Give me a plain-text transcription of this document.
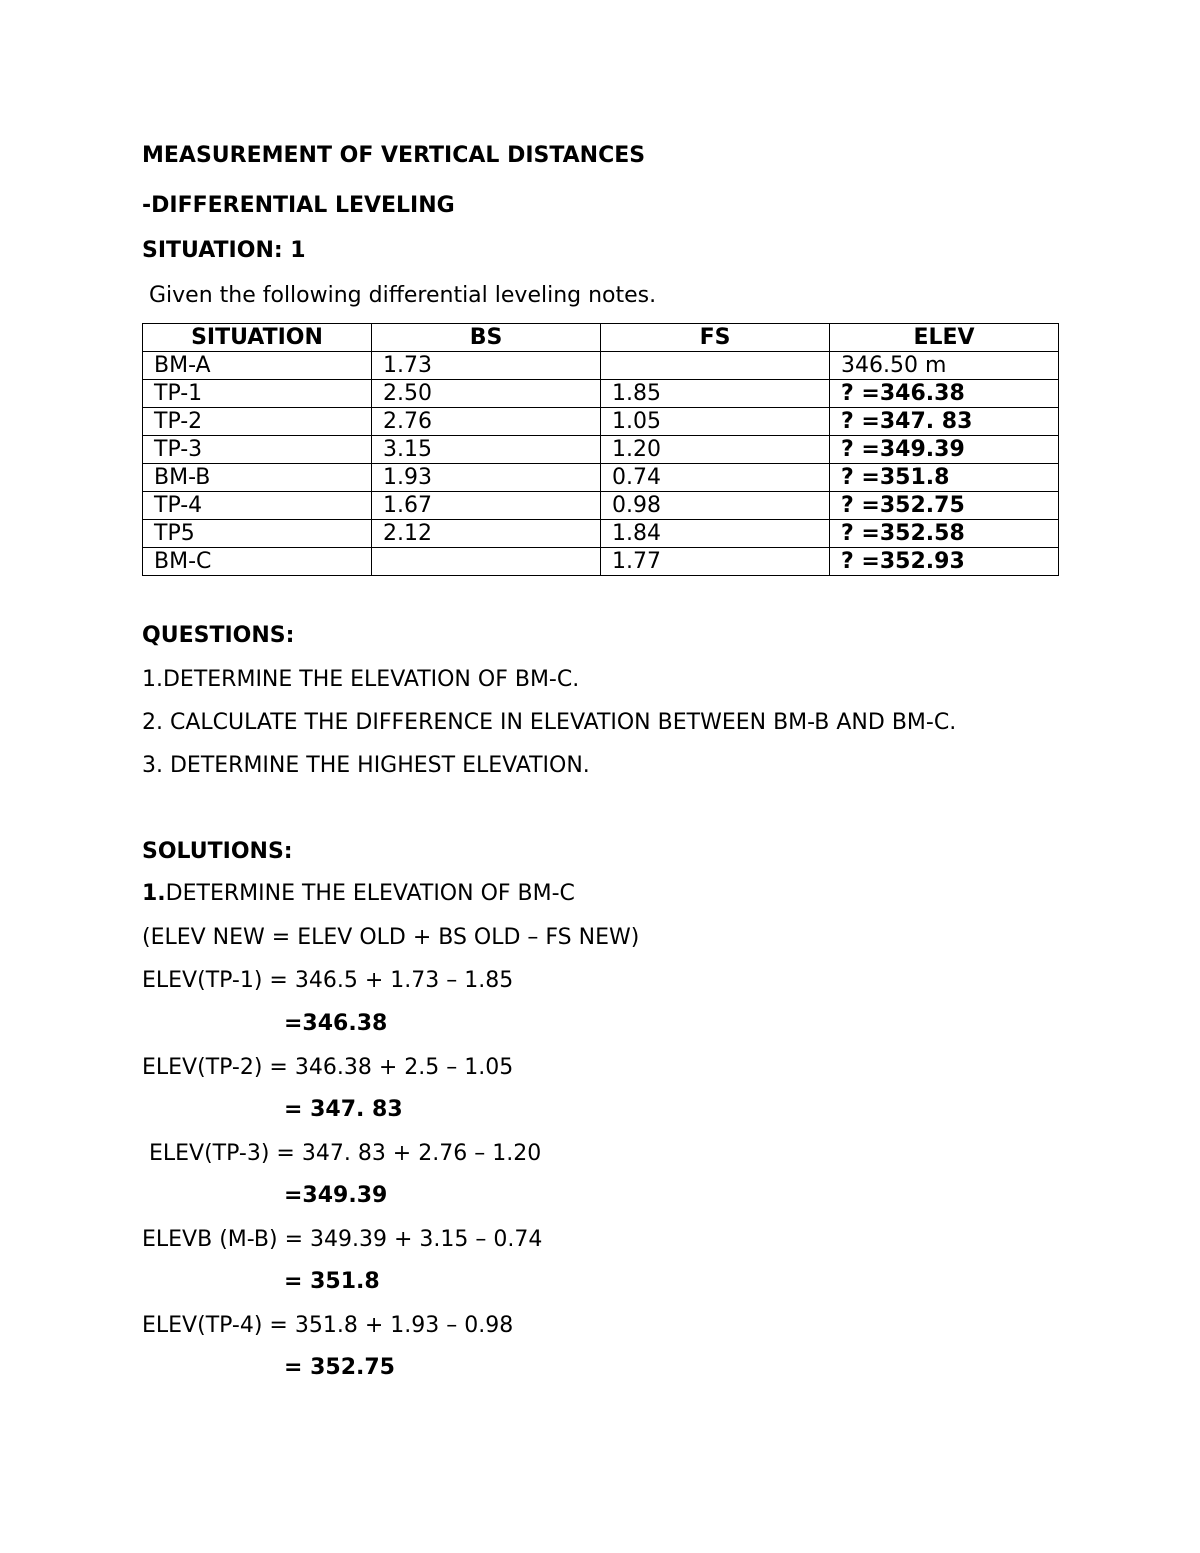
MEASUREMENT OF VERTICAL DISTANCES
-DIFFERENTIAL LEVELING
SITUATION: 1
Given the following differential leveling notes.
SITUATION	BS	FS	ELEV
BM-A	1.73		346.50 m
TP-1	2.50	1.85	? =346.38
TP-2	2.76	1.05	? =347. 83
TP-3	3.15	1.20	? =349.39
BM-B	1.93	0.74	? =351.8
TP-4	1.67	0.98	? =352.75
TP5	2.12	1.84	? =352.58
BM-C		1.77	? =352.93
QUESTIONS:
1.DETERMINE THE ELEVATION OF BM-C.
2. CALCULATE THE DIFFERENCE IN ELEVATION BETWEEN BM-B AND BM-C.
3. DETERMINE THE HIGHEST ELEVATION.
SOLUTIONS:
1.DETERMINE THE ELEVATION OF BM-C
(ELEV NEW = ELEV OLD + BS OLD – FS NEW)
ELEV(TP-1) = 346.5 + 1.73 – 1.85
=346.38
ELEV(TP-2) = 346.38 + 2.5 – 1.05
= 347. 83
ELEV(TP-3) = 347. 83 + 2.76 – 1.20
=349.39
ELEVB (M-B) = 349.39 + 3.15 – 0.74
= 351.8
ELEV(TP-4) = 351.8 + 1.93 – 0.98
= 352.75
